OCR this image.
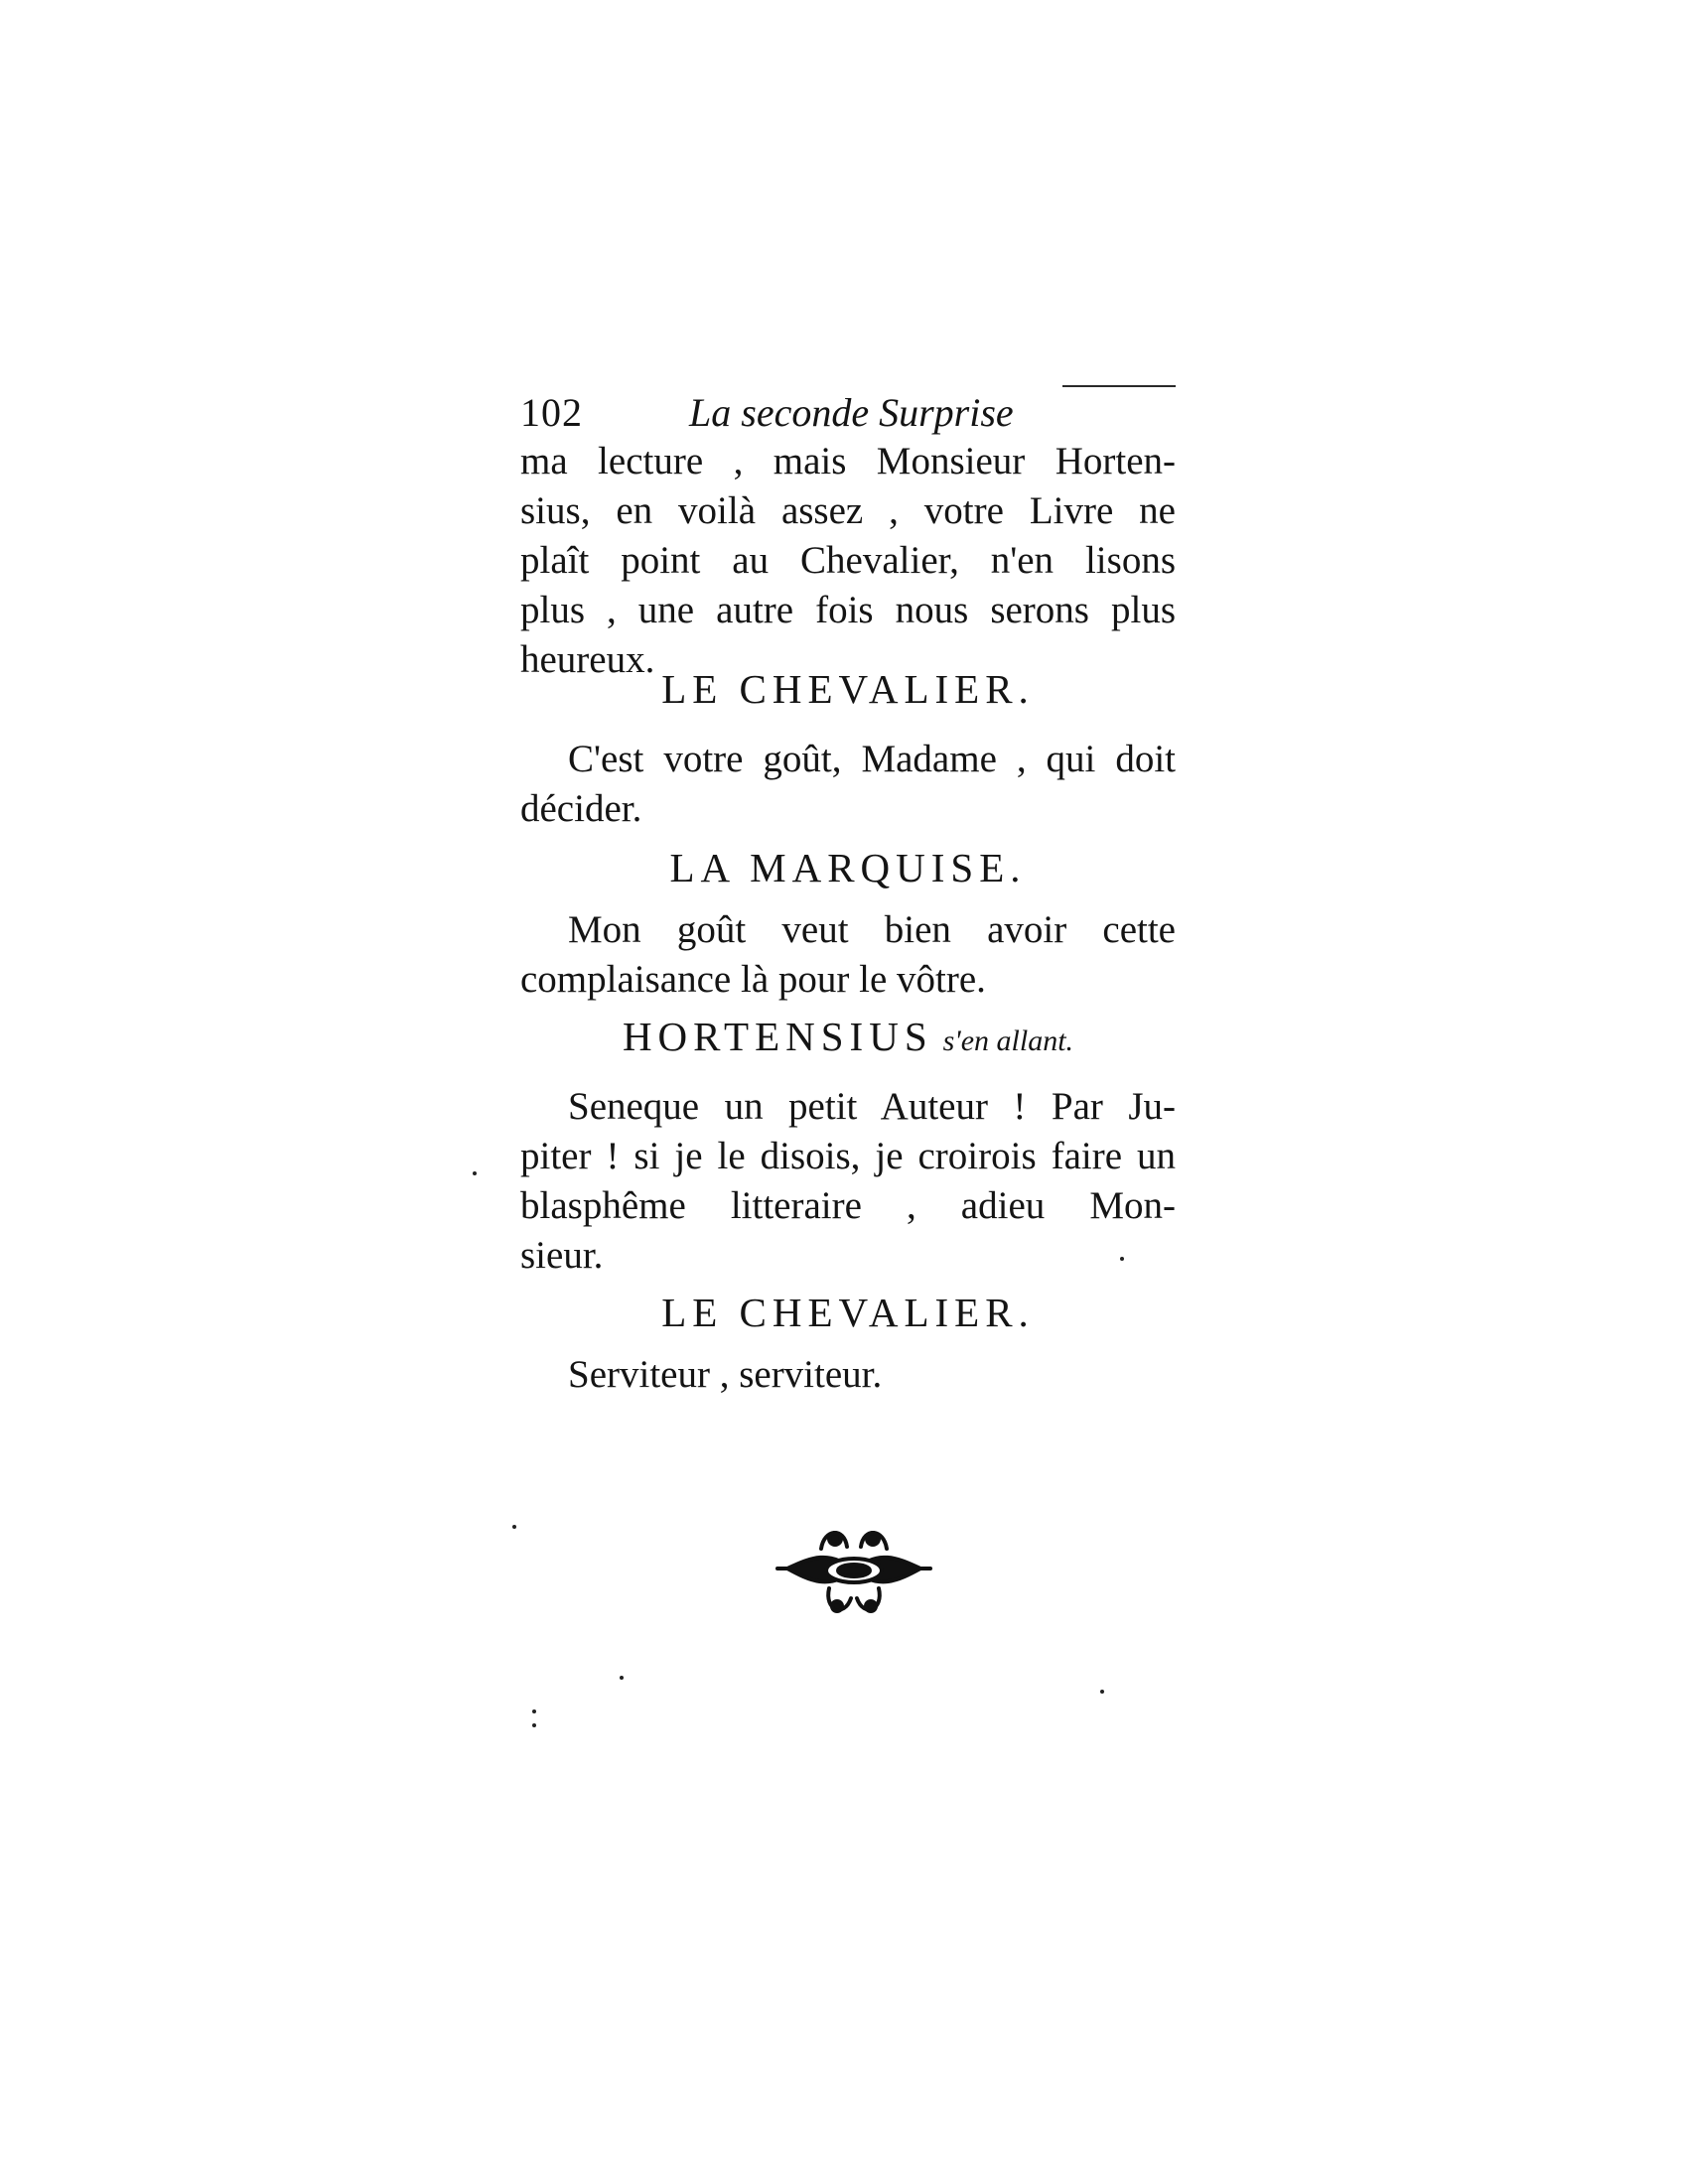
102	La seconde Surprise
ma lecture , mais Monsieur Horten-
sius, en voilà assez , votre Livre ne
plaît point au Chevalier, n'en lisons
plus , une autre fois nous serons plus
heureux.
LE CHEVALIER.
C'est votre goût, Madame , qui doit
décider.
LA MARQUISE.
Mon goût veut bien avoir cette
complaisance là pour le vôtre.
HORTENSIUS s'en allant.
Seneque un petit Auteur ! Par Ju-
piter ! si je le disois, je croirois faire un
blasphême litteraire , adieu Mon-
sieur.
LE CHEVALIER.
Serviteur , serviteur.
